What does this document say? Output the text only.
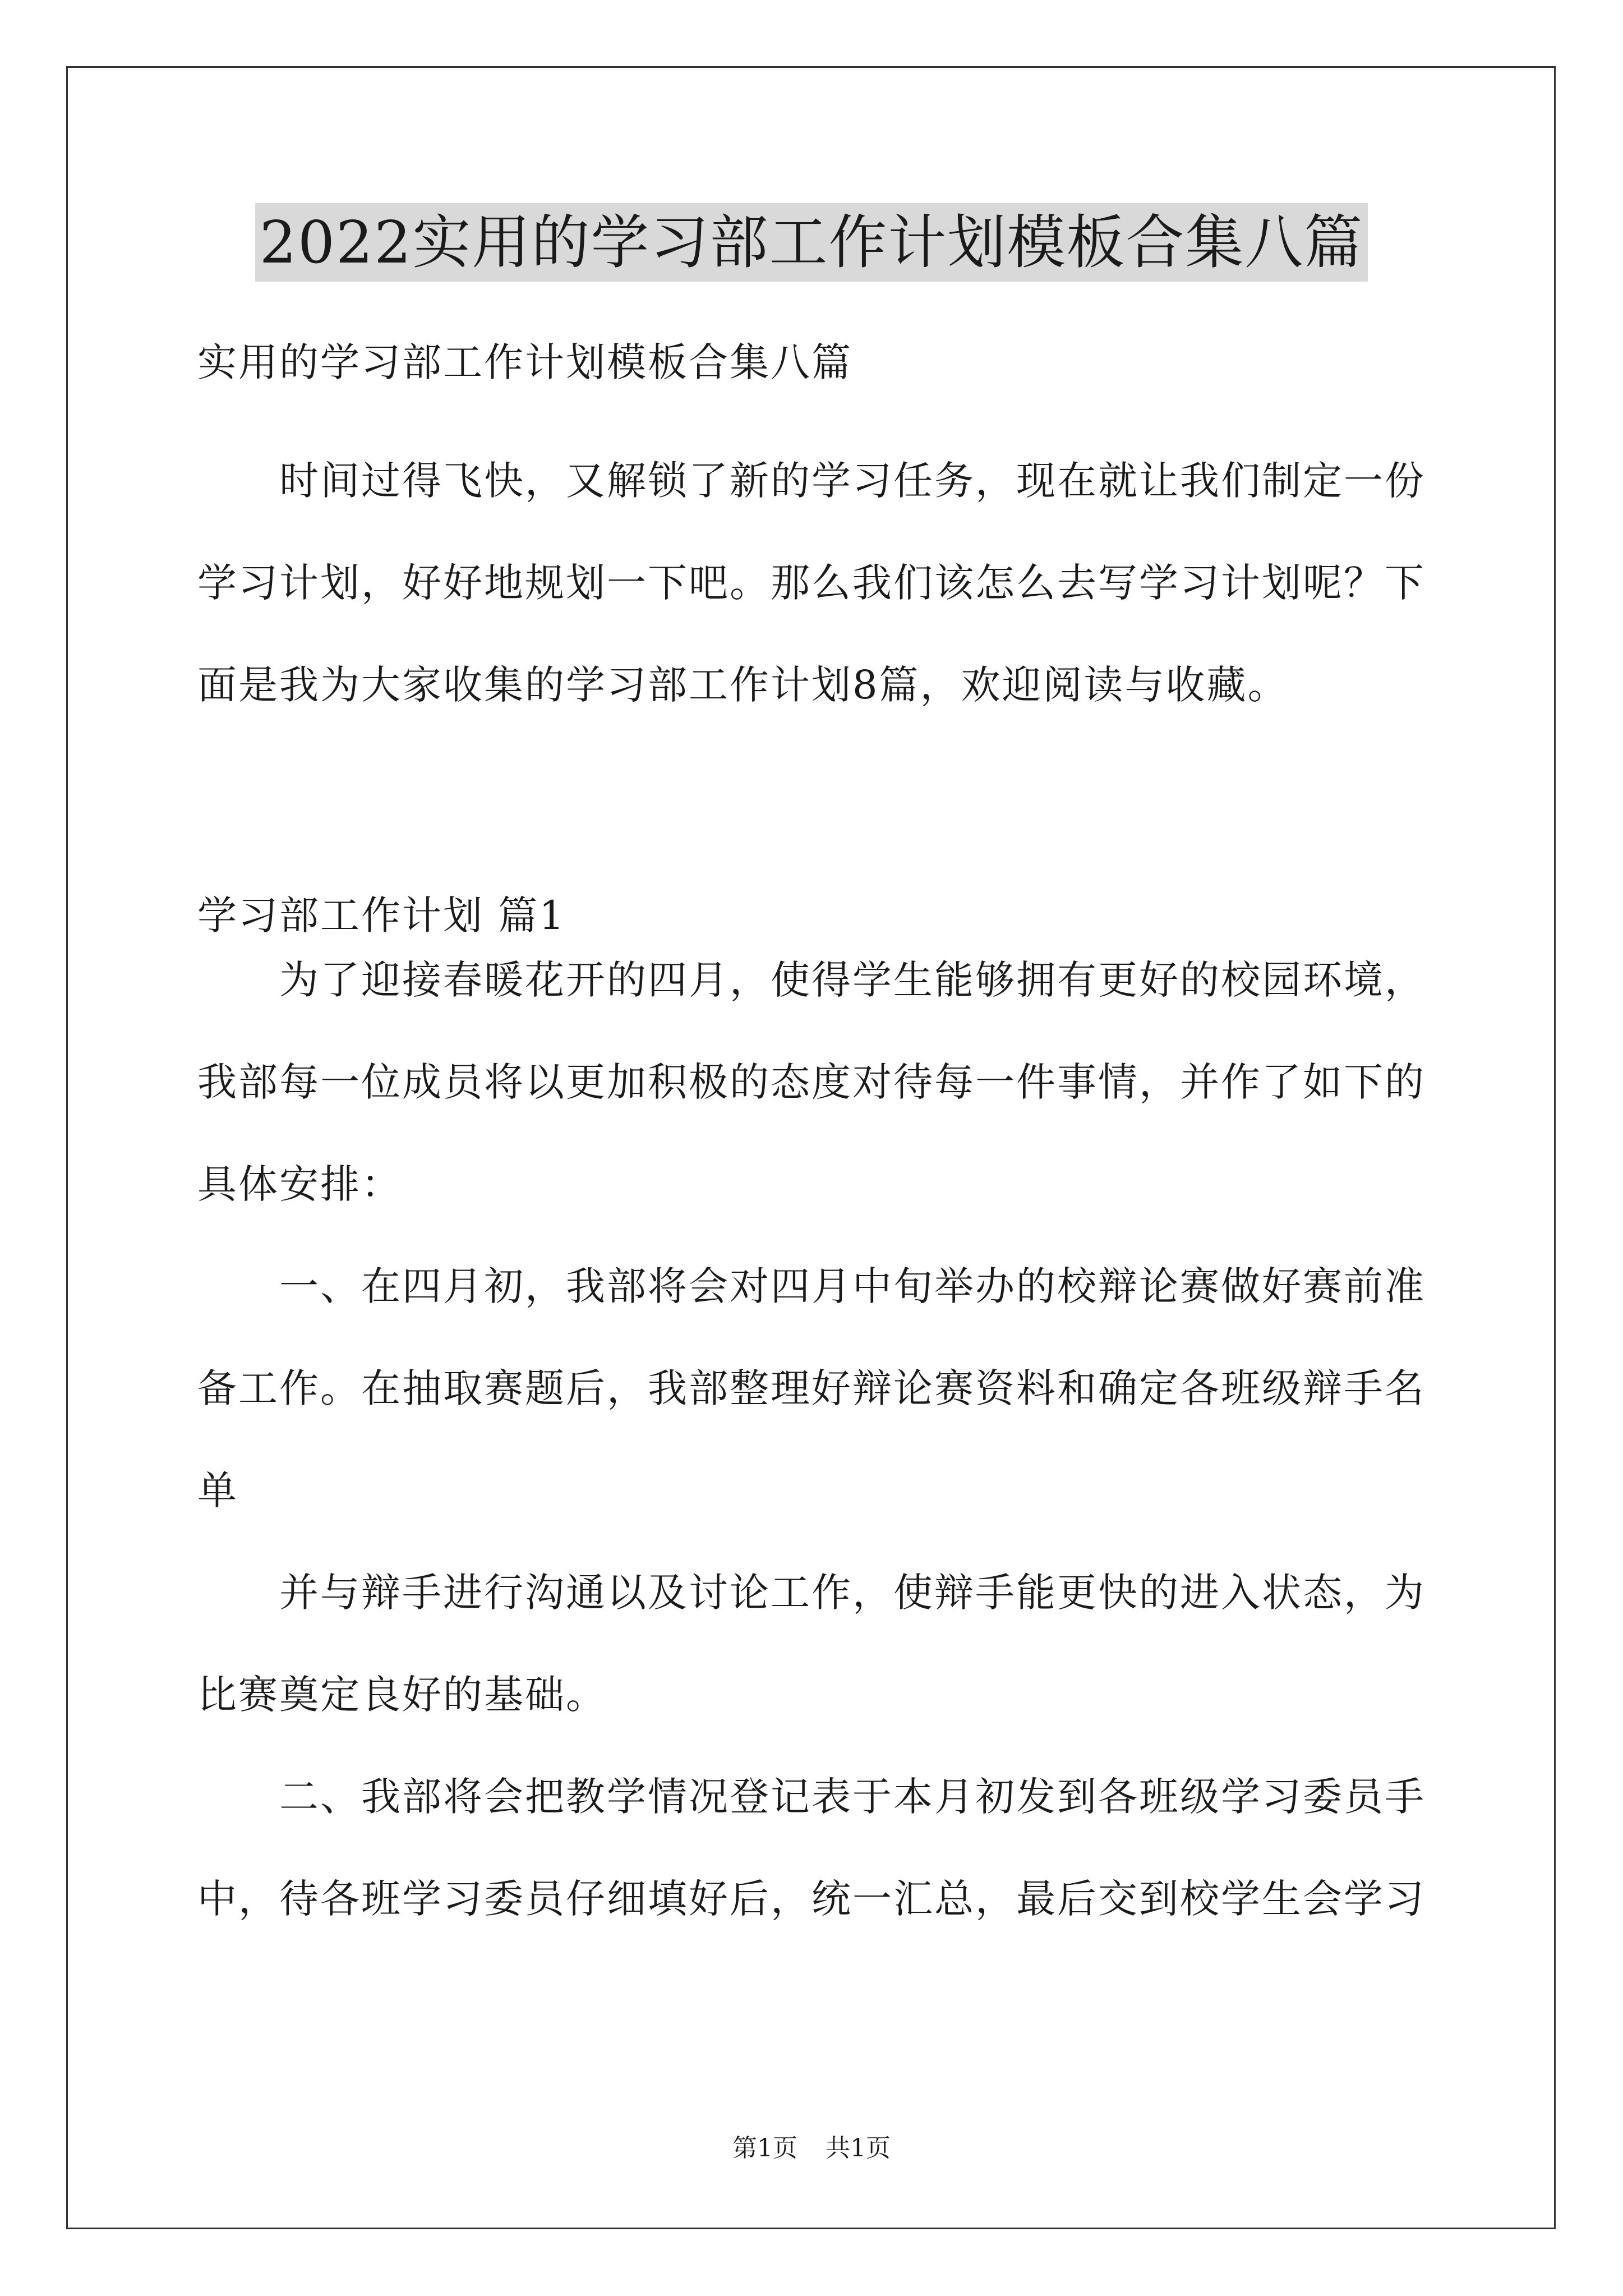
2022实用的学习部工作计划模板合集八篇

实用的学习部工作计划模板合集八篇

时间过得飞快，又解锁了新的学习任务，现在就让我们制定一份
学习计划，好好地规划一下吧。那么我们该怎么去写学习计划呢？下
面是我为大家收集的学习部工作计划8篇，欢迎阅读与收藏。

学习部工作计划 篇1

为了迎接春暖花开的四月，使得学生能够拥有更好的校园环境，
我部每一位成员将以更加积极的态度对待每一件事情，并作了如下的
具体安排：

一、在四月初，我部将会对四月中旬举办的校辩论赛做好赛前准
备工作。在抽取赛题后，我部整理好辩论赛资料和确定各班级辩手名
单

并与辩手进行沟通以及讨论工作，使辩手能更快的进入状态，为
比赛奠定良好的基础。

二、我部将会把教学情况登记表于本月初发到各班级学习委员手
中，待各班学习委员仔细填好后，统一汇总，最后交到校学生会学习

第1页 共1页
